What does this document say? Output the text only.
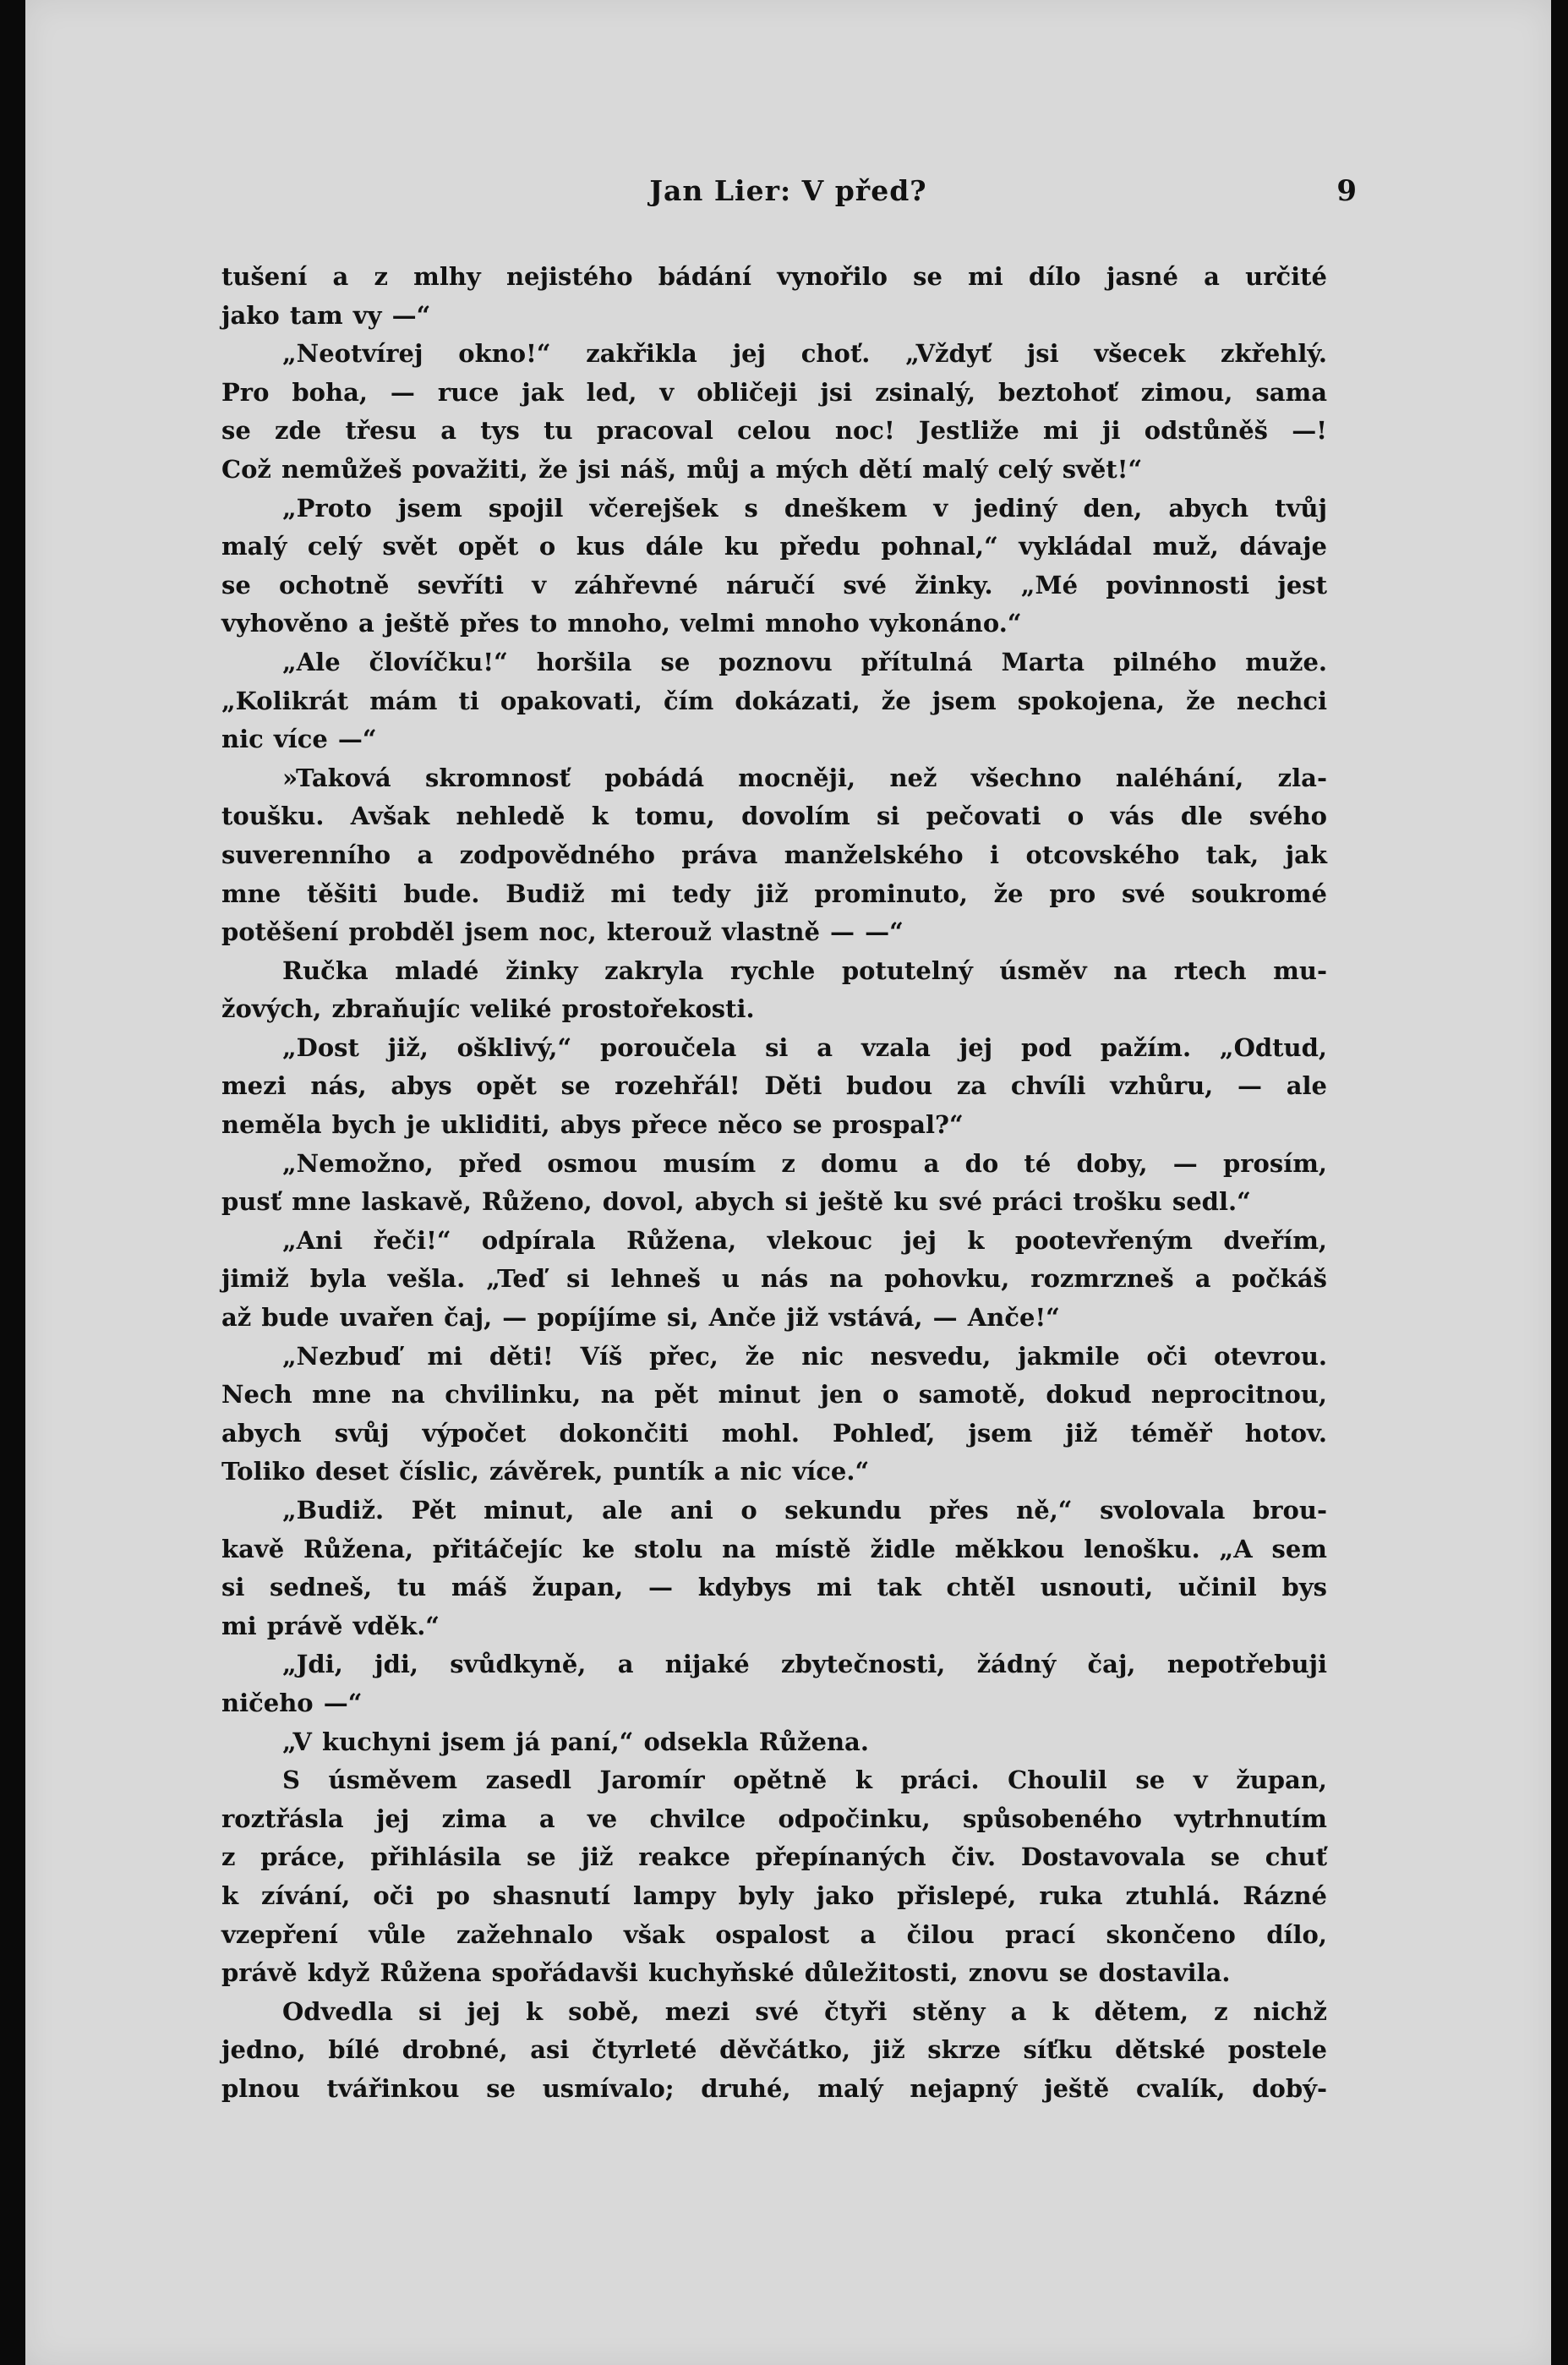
Jan Lier: V před?	9
tušení a z mlhy nejistého bádání vynořilo se mi dílo jasné a určité
jako tam vy —“
„Neotvírej okno!“ zakřikla jej choť. „Vždyť jsi všecek zkřehlý.
Pro boha, — ruce jak led, v obličeji jsi zsinalý, beztohoť zimou, sama
se zde třesu a tys tu pracoval celou noc! Jestliže mi ji odstůněš —!
Což nemůžeš považiti, že jsi náš, můj a mých dětí malý celý svět!“
„Proto jsem spojil včerejšek s dneškem v jediný den, abych tvůj
malý celý svět opět o kus dále ku předu pohnal,“ vykládal muž, dávaje
se ochotně sevříti v záhřevné náručí své žinky. „Mé povinnosti jest
vyhověno a ještě přes to mnoho, velmi mnoho vykonáno.“
„Ale človíčku!“ horšila se poznovu přítulná Marta pilného muže.
„Kolikrát mám ti opakovati, čím dokázati, že jsem spokojena, že nechci
nic více —“
»Taková skromnosť pobádá mocněji, než všechno naléhání, zla-
toušku. Avšak nehledě k tomu, dovolím si pečovati o vás dle svého
suverenního a zodpovědného práva manželského i otcovského tak, jak
mne těšiti bude. Budiž mi tedy již prominuto, že pro své soukromé
potěšení probděl jsem noc, kterouž vlastně — —“
Ručka mladé žinky zakryla rychle potutelný úsměv na rtech mu-
žových, zbraňujíc veliké prostořekosti.
„Dost již, ošklivý,“ poroučela si a vzala jej pod pažím. „Odtud,
mezi nás, abys opět se rozehřál! Děti budou za chvíli vzhůru, — ale
neměla bych je ukliditi, abys přece něco se prospal?“
„Nemožno, před osmou musím z domu a do té doby, — prosím,
pusť mne laskavě, Růženo, dovol, abych si ještě ku své práci trošku sedl.“
„Ani řeči!“ odpírala Růžena, vlekouc jej k pootevřeným dveřím,
jimiž byla vešla. „Teď si lehneš u nás na pohovku, rozmrzneš a počkáš
až bude uvařen čaj, — popíjíme si, Anče již vstává, — Anče!“
„Nezbuď mi děti! Víš přec, že nic nesvedu, jakmile oči otevrou.
Nech mne na chvilinku, na pět minut jen o samotě, dokud neprocitnou,
abych svůj výpočet dokončiti mohl. Pohleď, jsem již téměř hotov.
Toliko deset číslic, závěrek, puntík a nic více.“
„Budiž. Pět minut, ale ani o sekundu přes ně,“ svolovala brou-
kavě Růžena, přitáčejíc ke stolu na místě židle měkkou lenošku. „A sem
si sedneš, tu máš župan, — kdybys mi tak chtěl usnouti, učinil bys
mi právě vděk.“
„Jdi, jdi, svůdkyně, a nijaké zbytečnosti, žádný čaj, nepotřebuji
ničeho —“
„V kuchyni jsem já paní,“ odsekla Růžena.
S úsměvem zasedl Jaromír opětně k práci. Choulil se v župan,
roztřásla jej zima a ve chvilce odpočinku, spůsobeného vytrhnutím
z práce, přihlásila se již reakce přepínaných čiv. Dostavovala se chuť
k zívání, oči po shasnutí lampy byly jako přislepé, ruka ztuhlá. Rázné
vzepření vůle zažehnalo však ospalost a čilou prací skončeno dílo,
právě když Růžena spořádavši kuchyňské důležitosti, znovu se dostavila.
Odvedla si jej k sobě, mezi své čtyři stěny a k dětem, z nichž
jedno, bílé drobné, asi čtyrleté děvčátko, již skrze síťku dětské postele
plnou tvářinkou se usmívalo; druhé, malý nejapný ještě cvalík, dobý-
